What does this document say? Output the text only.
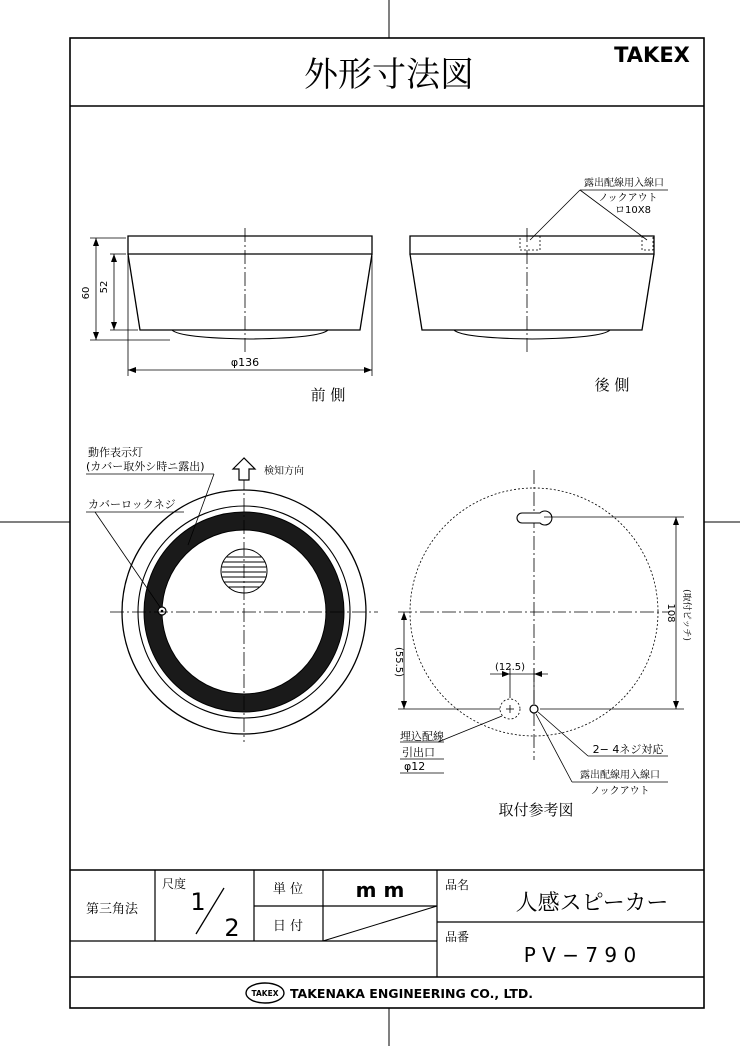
外形寸法図	TAKEX
60 52
φ136
前 側
露出配線用入線口
ノックアウト
ロ10X8
後 側
検知方向
動作表示灯
(カバー取外シ時ニ露出)
カバーロックネジ
108 (取付ピッチ)
(55.5)	(12.5)
埋込配線
引出口
φ12
2− 4ネジ対応
露出配線用入線口
ノックアウト
取付参考図
第三角法
尺度
1
2
単 位	m m
日 付
品名
人感スピーカー
品番
P V − 7 9 0
TAKEX TAKENAKA ENGINEERING CO., LTD.
